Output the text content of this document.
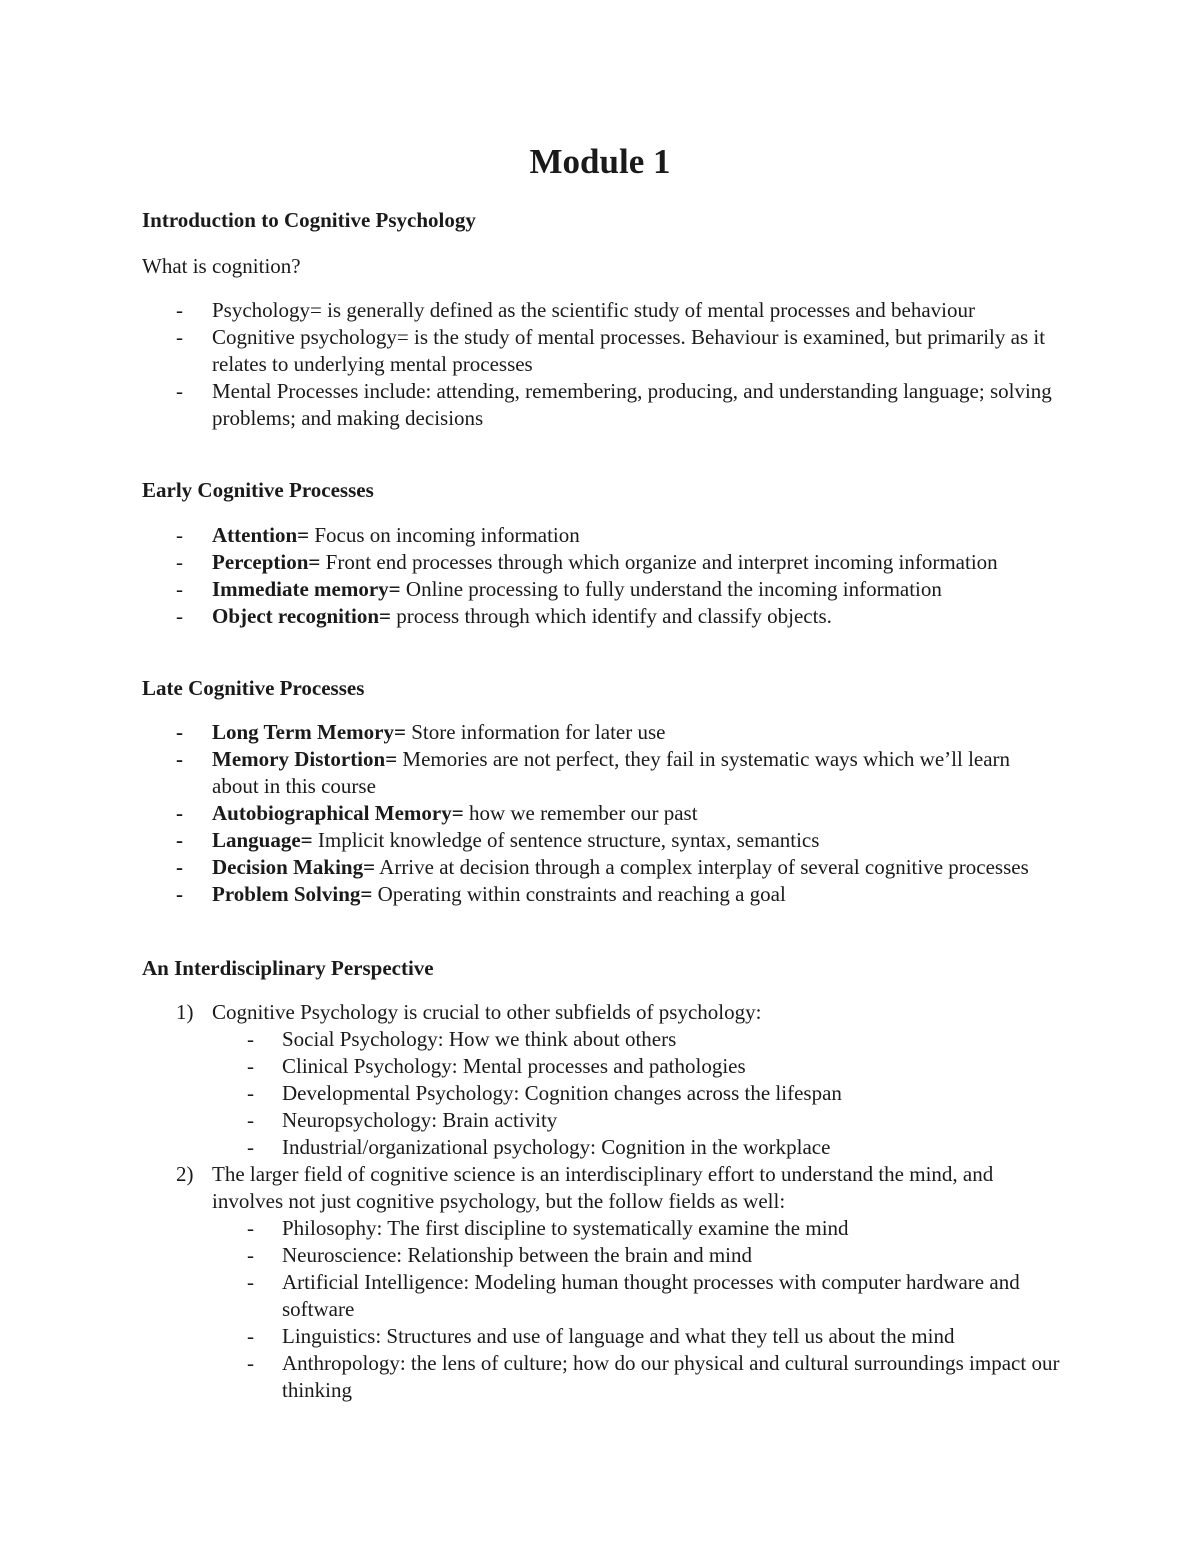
Module 1
Introduction to Cognitive Psychology
What is cognition?
- Psychology= is generally defined as the scientific study of mental processes and behaviour
- Cognitive psychology= is the study of mental processes. Behaviour is examined, but primarily as it relates to underlying mental processes
- Mental Processes include: attending, remembering, producing, and understanding language; solving problems; and making decisions
Early Cognitive Processes
- Attention= Focus on incoming information
- Perception= Front end processes through which organize and interpret incoming information
- Immediate memory= Online processing to fully understand the incoming information
- Object recognition= process through which identify and classify objects.
Late Cognitive Processes
- Long Term Memory= Store information for later use
- Memory Distortion= Memories are not perfect, they fail in systematic ways which we’ll learn about in this course
- Autobiographical Memory= how we remember our past
- Language= Implicit knowledge of sentence structure, syntax, semantics
- Decision Making= Arrive at decision through a complex interplay of several cognitive processes
- Problem Solving= Operating within constraints and reaching a goal
An Interdisciplinary Perspective
1) Cognitive Psychology is crucial to other subfields of psychology:
- Social Psychology: How we think about others
- Clinical Psychology: Mental processes and pathologies
- Developmental Psychology: Cognition changes across the lifespan
- Neuropsychology: Brain activity
- Industrial/organizational psychology: Cognition in the workplace
2) The larger field of cognitive science is an interdisciplinary effort to understand the mind, and involves not just cognitive psychology, but the follow fields as well:
- Philosophy: The first discipline to systematically examine the mind
- Neuroscience: Relationship between the brain and mind
- Artificial Intelligence: Modeling human thought processes with computer hardware and software
- Linguistics: Structures and use of language and what they tell us about the mind
- Anthropology: the lens of culture; how do our physical and cultural surroundings impact our thinking
